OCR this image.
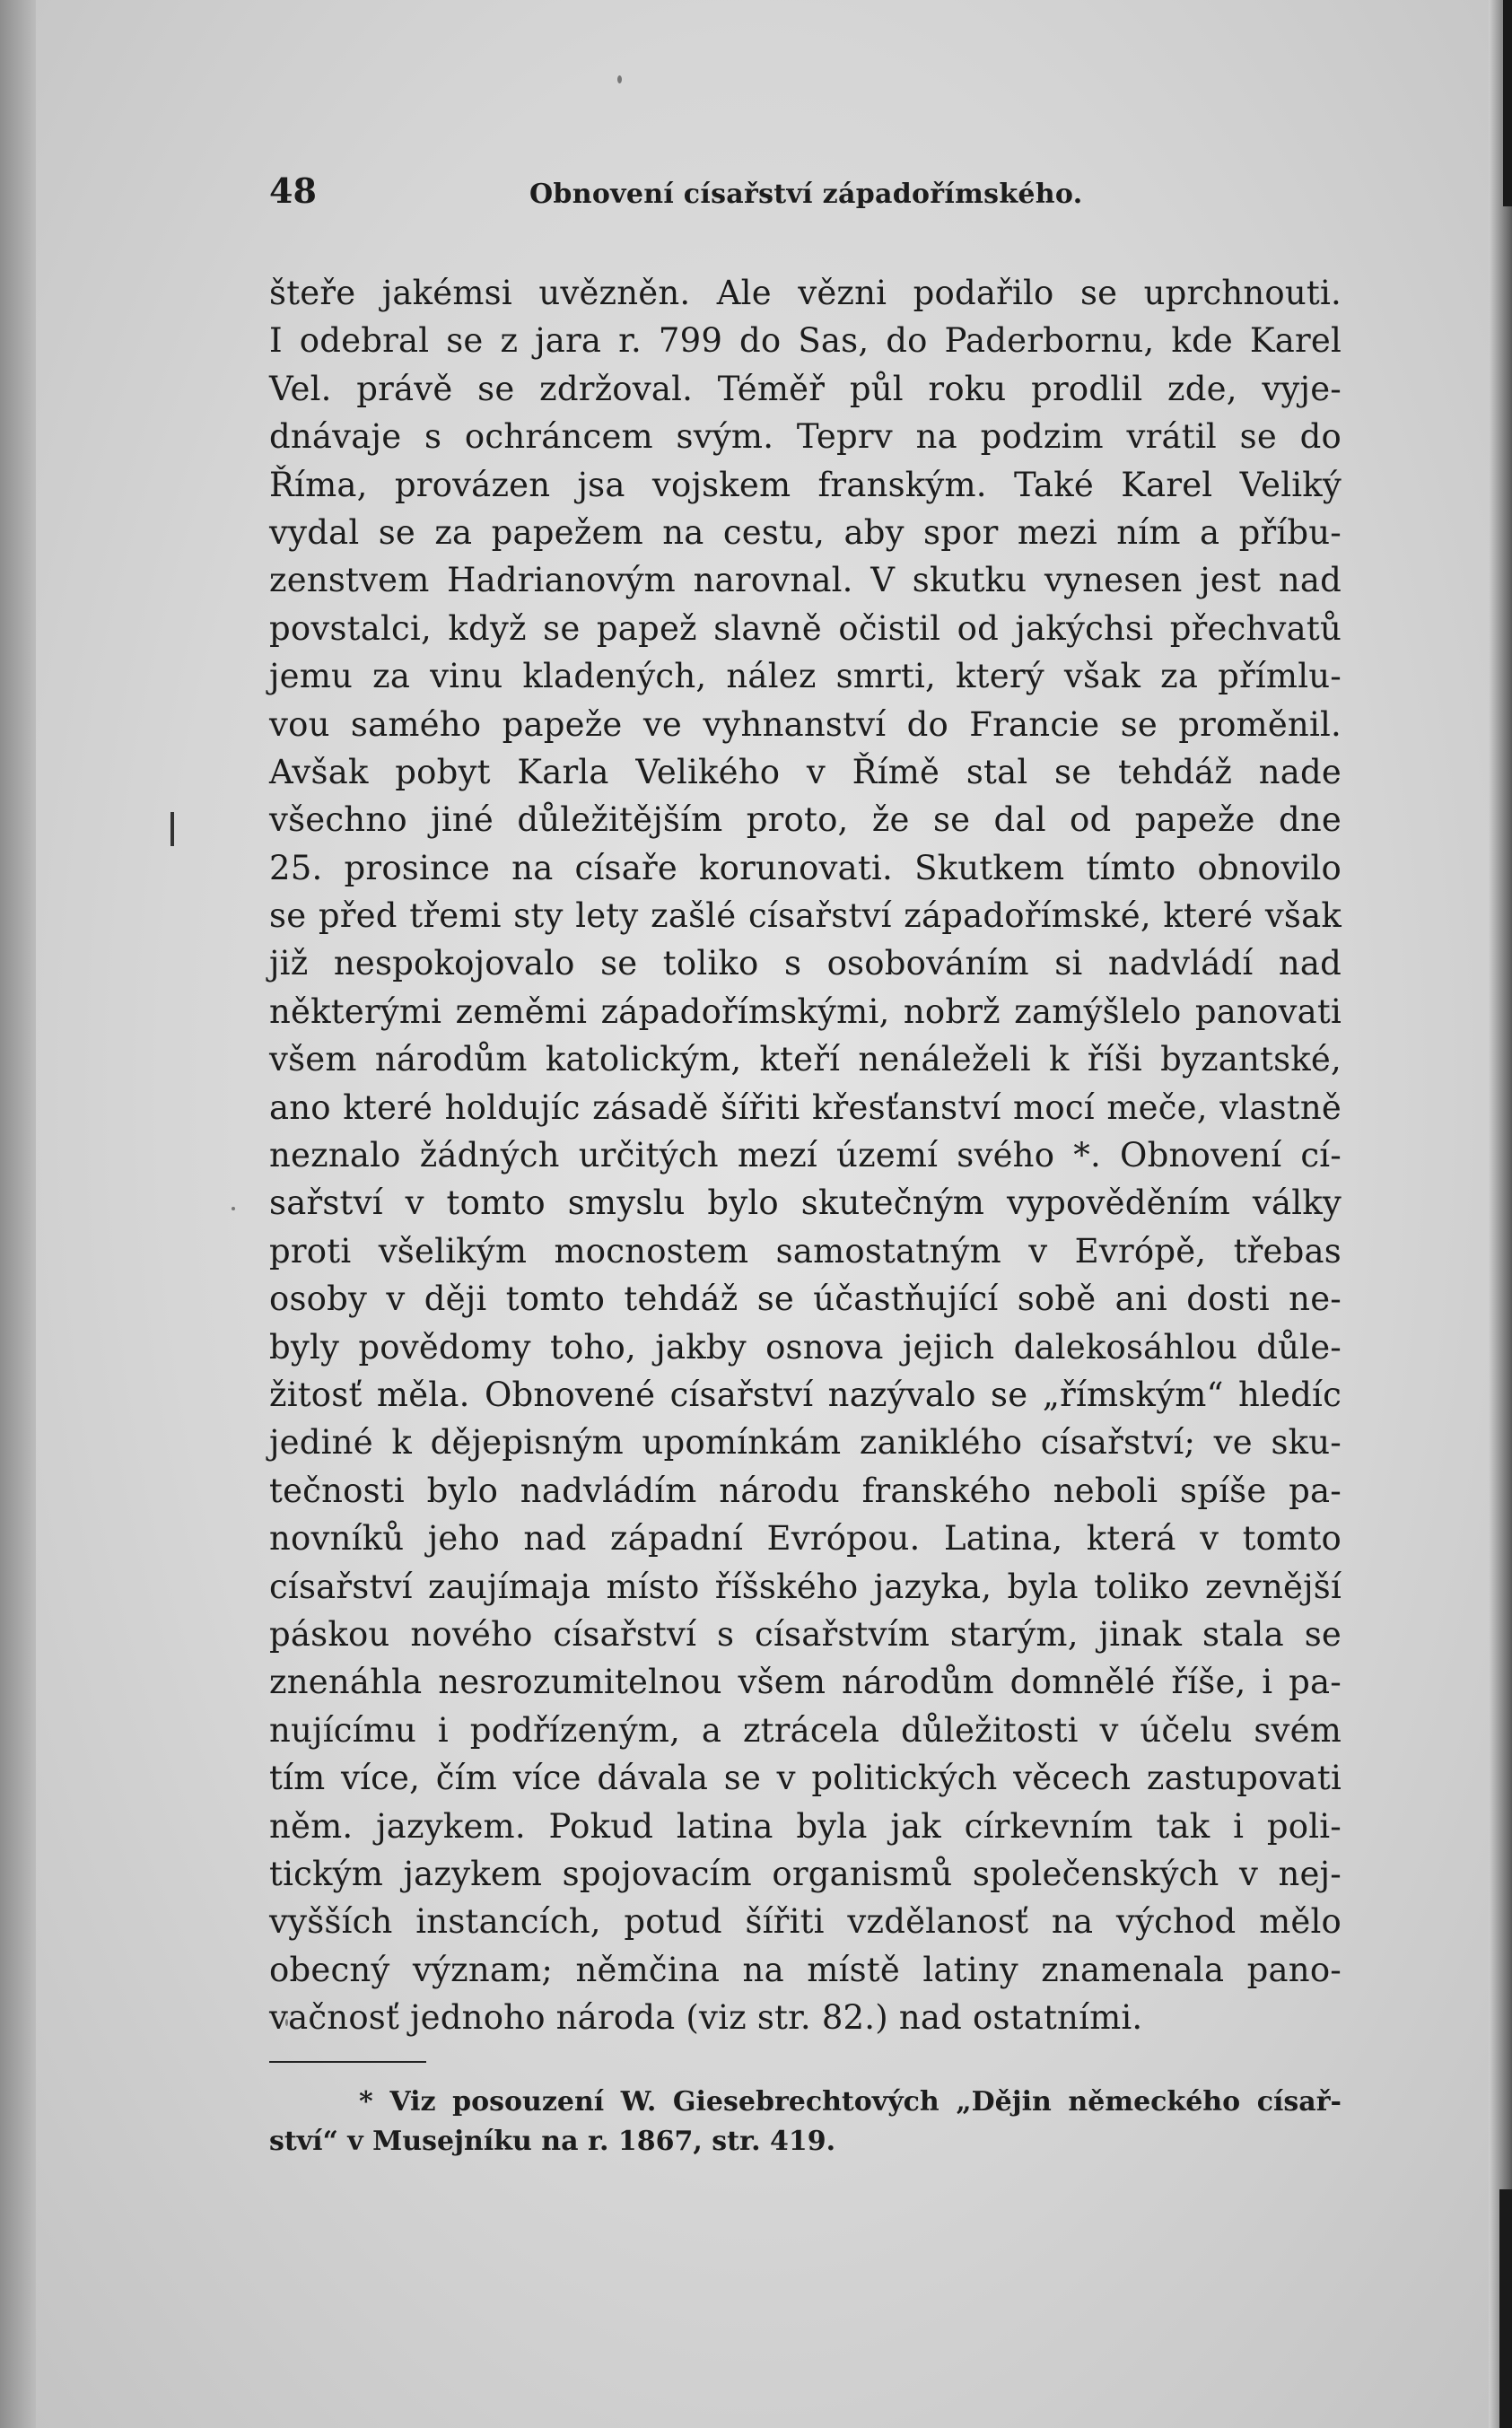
48	Obnovení císařství západořímského.
šteře jakémsi uvězněn. Ale vězni podařilo se uprchnouti.
I odebral se z jara r. 799 do Sas, do Paderbornu, kde Karel
Vel. právě se zdržoval. Téměř půl roku prodlil zde, vyje-
dnávaje s ochráncem svým. Teprv na podzim vrátil se do
Říma, provázen jsa vojskem franským. Také Karel Veliký
vydal se za papežem na cestu, aby spor mezi ním a příbu-
zenstvem Hadrianovým narovnal. V skutku vynesen jest nad
povstalci, když se papež slavně očistil od jakýchsi přechvatů
jemu za vinu kladených, nález smrti, který však za přímlu-
vou samého papeže ve vyhnanství do Francie se proměnil.
Avšak pobyt Karla Velikého v Římě stal se tehdáž nade
všechno jiné důležitějším proto, že se dal od papeže dne
25. prosince na císaře korunovati. Skutkem tímto obnovilo
se před třemi sty lety zašlé císařství západořímské, které však
již nespokojovalo se toliko s osobováním si nadvládí nad
některými zeměmi západořímskými, nobrž zamýšlelo panovati
všem národům katolickým, kteří nenáleželi k říši byzantské,
ano které holdujíc zásadě šířiti křesťanství mocí meče, vlastně
neznalo žádných určitých mezí území svého *. Obnovení cí-
sařství v tomto smyslu bylo skutečným vypověděním války
proti všelikým mocnostem samostatným v Evrópě, třebas
osoby v ději tomto tehdáž se účastňující sobě ani dosti ne-
byly povědomy toho, jakby osnova jejich dalekosáhlou důle-
žitosť měla. Obnovené císařství nazývalo se „římským“ hledíc
jediné k dějepisným upomínkám zaniklého císařství; ve sku-
tečnosti bylo nadvládím národu franského neboli spíše pa-
novníků jeho nad západní Evrópou. Latina, která v tomto
císařství zaujímaja místo říšského jazyka, byla toliko zevnější
páskou nového císařství s císařstvím starým, jinak stala se
znenáhla nesrozumitelnou všem národům domnělé říše, i pa-
nujícímu i podřízeným, a ztrácela důležitosti v účelu svém
tím více, čím více dávala se v politických věcech zastupovati
něm. jazykem. Pokud latina byla jak církevním tak i poli-
tickým jazykem spojovacím organismů společenských v nej-
vyšších instancích, potud šířiti vzdělanosť na východ mělo
obecný význam; němčina na místě latiny znamenala pano-
vačnosť jednoho národa (viz str. 82.) nad ostatními.
* Viz posouzení W. Giesebrechtových „Dějin německého císař-
ství“ v Musejníku na r. 1867, str. 419.
